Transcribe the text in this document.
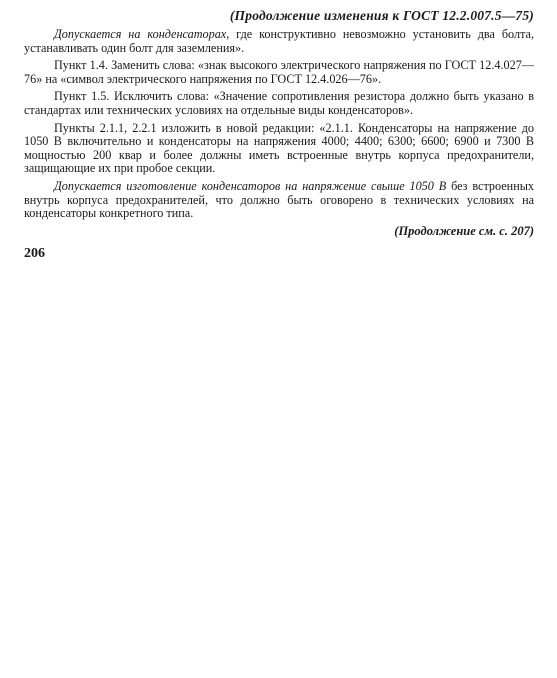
(Продолжение изменения к ГОСТ 12.2.007.5—75)

Допускается на конденсаторах, где конструктивно невозможно установить два болта, устанавливать один болт для заземления».

Пункт 1.4. Заменить слова: «знак высокого электрического напряжения по ГОСТ 12.4.027—76» на «символ электрического напряжения по ГОСТ 12.4.026—76».

Пункт 1.5. Исключить слова: «Значение сопротивления резистора должно быть указано в стандартах или технических условиях на отдельные виды конденсаторов».

Пункты 2.1.1, 2.2.1 изложить в новой редакции: «2.1.1. Конденсаторы на напряжение до 1050 В включительно и конденсаторы на напряжения 4000; 4400; 6300; 6600; 6900 и 7300 В мощностью 200 квар и более должны иметь встроенные внутрь корпуса предохранители, защищающие их при пробое секции.

Допускается изготовление конденсаторов на напряжение свыше 1050 В без встроенных внутрь корпуса предохранителей, что должно быть оговорено в технических условиях на конденсаторы конкретного типа.

(Продолжение см. с. 207)
206
